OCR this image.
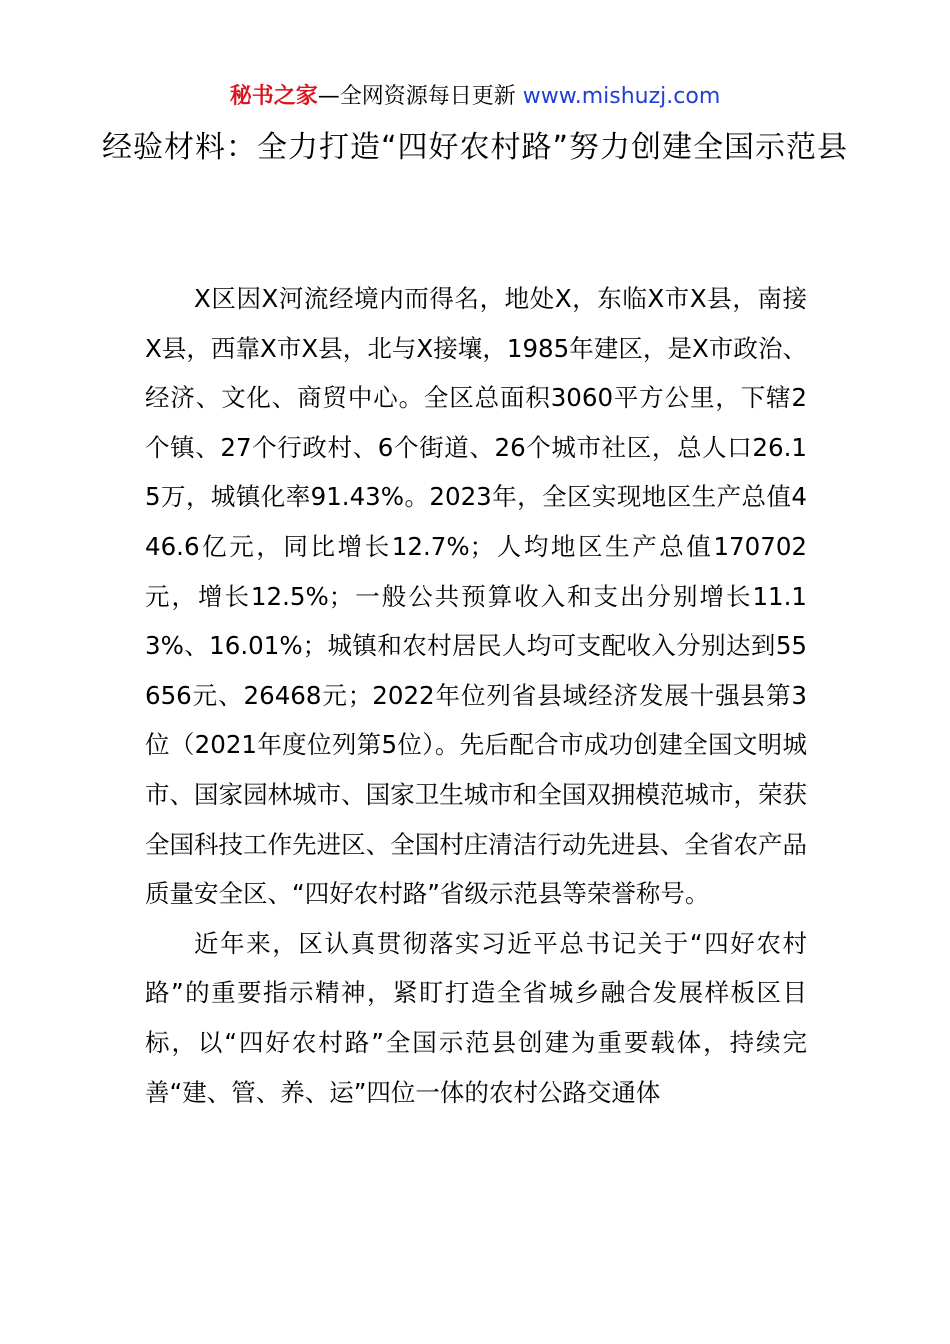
秘书之家—全网资源每日更新 www.mishuzj.com
经验材料：全力打造“四好农村路”努力创建全国示范县

X区因X河流经境内而得名，地处X，东临X市X县，南接X县，西靠X市X县，北与X接壤，1985年建区，是X市政治、经济、文化、商贸中心。全区总面积3060平方公里，下辖2个镇、27个行政村、6个街道、26个城市社区，总人口26.15万，城镇化率91.43%。2023年，全区实现地区生产总值446.6亿元，同比增长12.7%；人均地区生产总值170702元，增长12.5%；一般公共预算收入和支出分别增长11.13%、16.01%；城镇和农村居民人均可支配收入分别达到55656元、26468元；2022年位列省县域经济发展十强县第3位（2021年度位列第5位）。先后配合市成功创建全国文明城市、国家园林城市、国家卫生城市和全国双拥模范城市，荣获全国科技工作先进区、全国村庄清洁行动先进县、全省农产品质量安全区、“四好农村路”省级示范县等荣誉称号。

近年来，区认真贯彻落实习近平总书记关于“四好农村路”的重要指示精神，紧盯打造全省城乡融合发展样板区目标，以“四好农村路”全国示范县创建为重要载体，持续完善“建、管、养、运”四位一体的农村公路交通体
